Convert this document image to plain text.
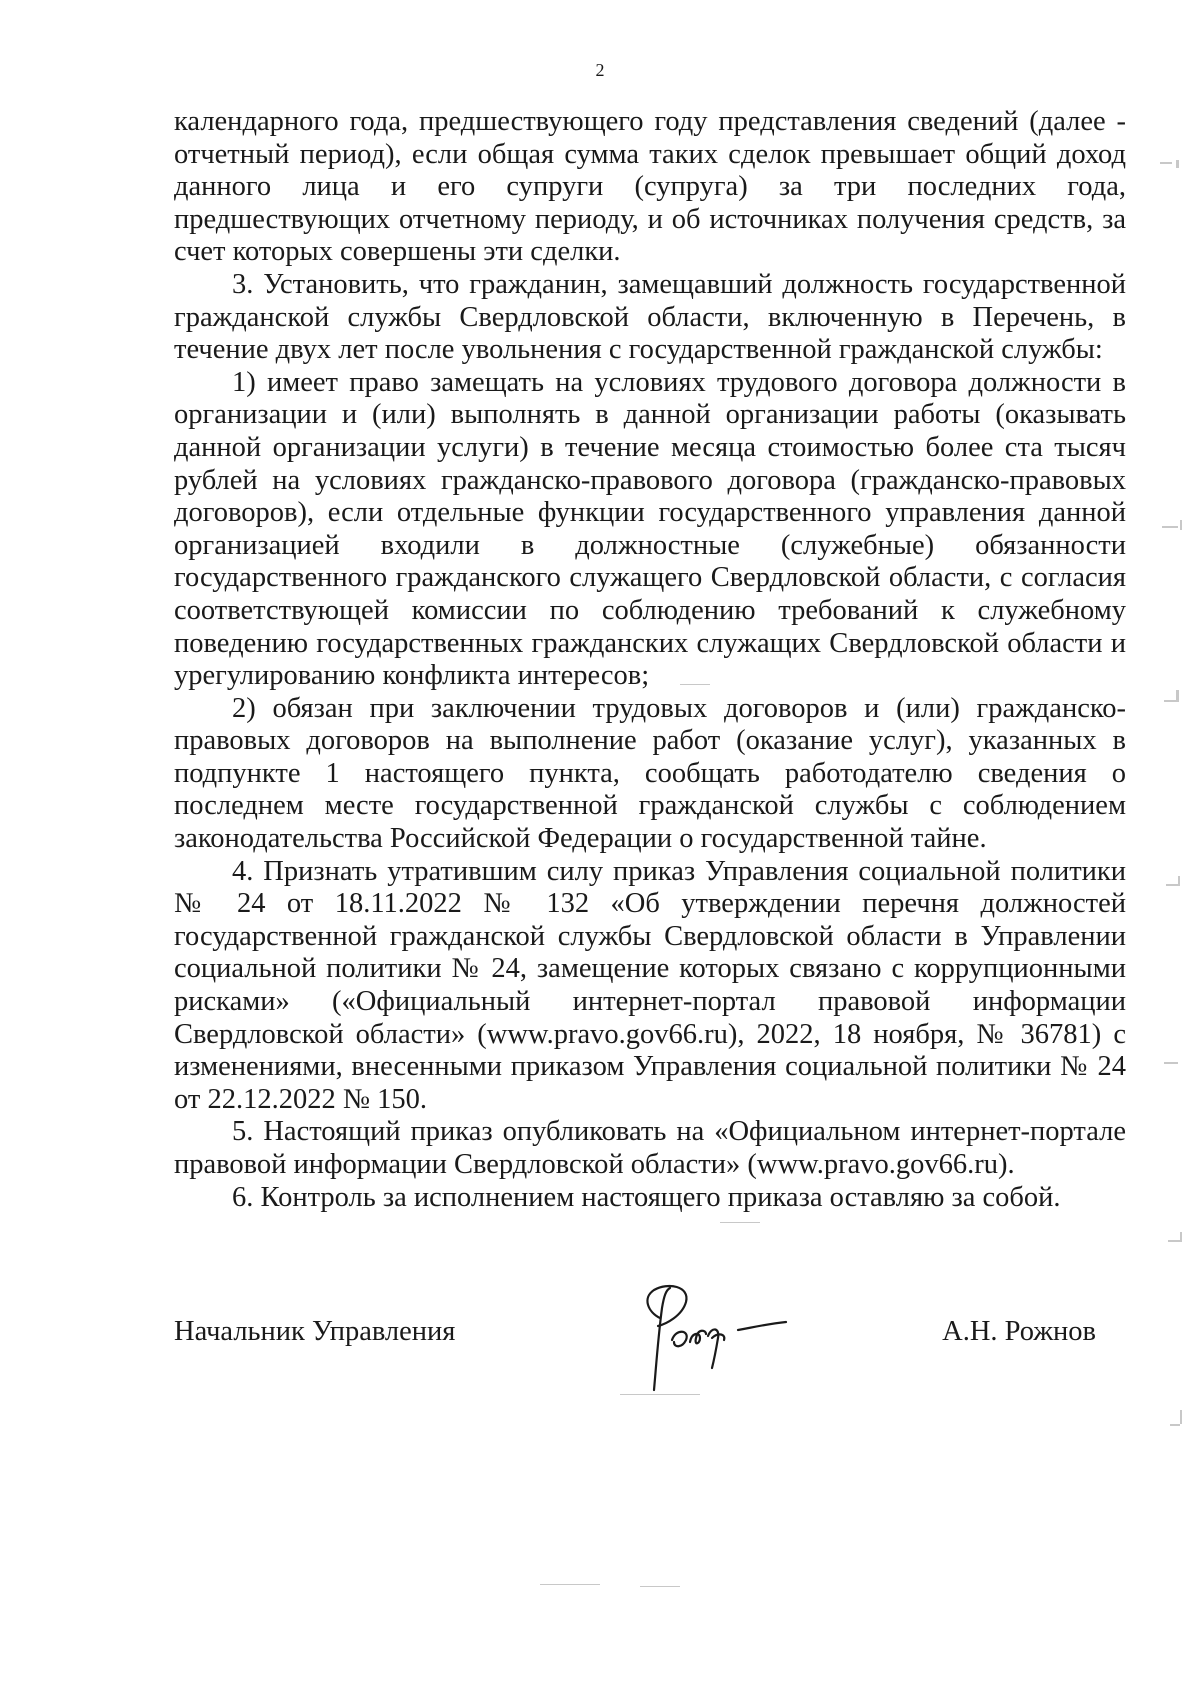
2

календарного года, предшествующего году представления сведений (далее - отчетный период), если общая сумма таких сделок превышает общий доход данного лица и его супруги (супруга) за три последних года, предшествующих отчетному периоду, и об источниках получения средств, за счет которых совершены эти сделки.

3. Установить, что гражданин, замещавший должность государственной гражданской службы Свердловской области, включенную в Перечень, в течение двух лет после увольнения с государственной гражданской службы:

1) имеет право замещать на условиях трудового договора должности в организации и (или) выполнять в данной организации работы (оказывать данной организации услуги) в течение месяца стоимостью более ста тысяч рублей на условиях гражданско-правового договора (гражданско-правовых договоров), если отдельные функции государственного управления данной организацией входили в должностные (служебные) обязанности государственного гражданского служащего Свердловской области, с согласия соответствующей комиссии по соблюдению требований к служебному поведению государственных гражданских служащих Свердловской области и урегулированию конфликта интересов;

2) обязан при заключении трудовых договоров и (или) гражданско-правовых договоров на выполнение работ (оказание услуг), указанных в подпункте 1 настоящего пункта, сообщать работодателю сведения о последнем месте государственной гражданской службы с соблюдением законодательства Российской Федерации о государственной тайне.

4. Признать утратившим силу приказ Управления социальной политики № 24 от 18.11.2022 № 132 «Об утверждении перечня должностей государственной гражданской службы Свердловской области в Управлении социальной политики № 24, замещение которых связано с коррупционными рисками» («Официальный интернет-портал правовой информации Свердловской области» (www.pravo.gov66.ru), 2022, 18 ноября, № 36781) с изменениями, внесенными приказом Управления социальной политики № 24 от 22.12.2022 № 150.

5. Настоящий приказ опубликовать на «Официальном интернет-портале правовой информации Свердловской области» (www.pravo.gov66.ru).

6. Контроль за исполнением настоящего приказа оставляю за собой.

Начальник Управления	А.Н. Рожнов
